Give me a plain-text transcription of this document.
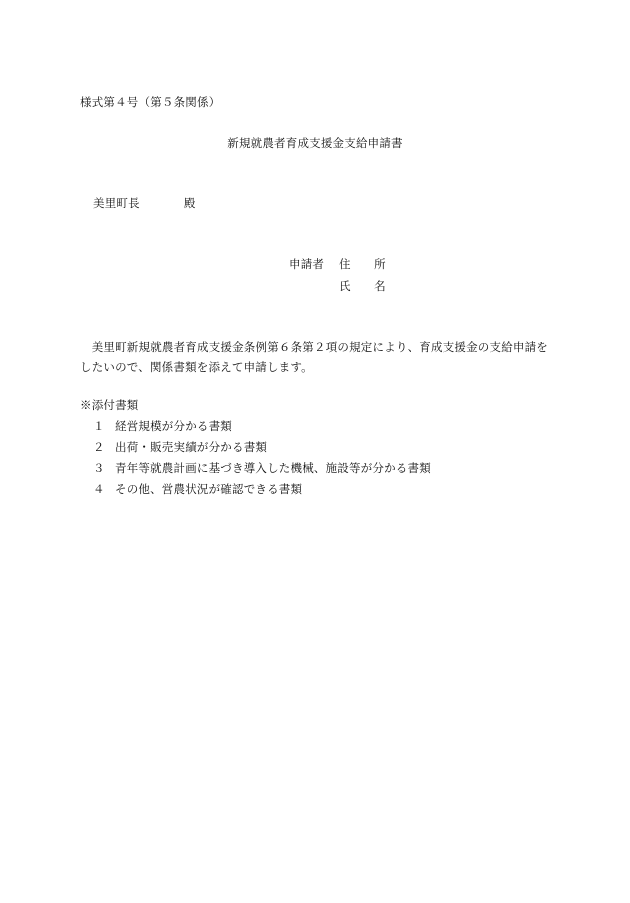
様式第４号（第５条関係）
新規就農者育成支援金支給申請書
美里町長	殿
申請者 住 所
氏 名
　美里町新規就農者育成支援金条例第６条第２項の規定により、育成支援金の支給申請をしたいので、関係書類を添えて申請します。
※添付書類
１ 経営規模が分かる書類
２ 出荷・販売実績が分かる書類
３ 青年等就農計画に基づき導入した機械、施設等が分かる書類
４ その他、営農状況が確認できる書類
